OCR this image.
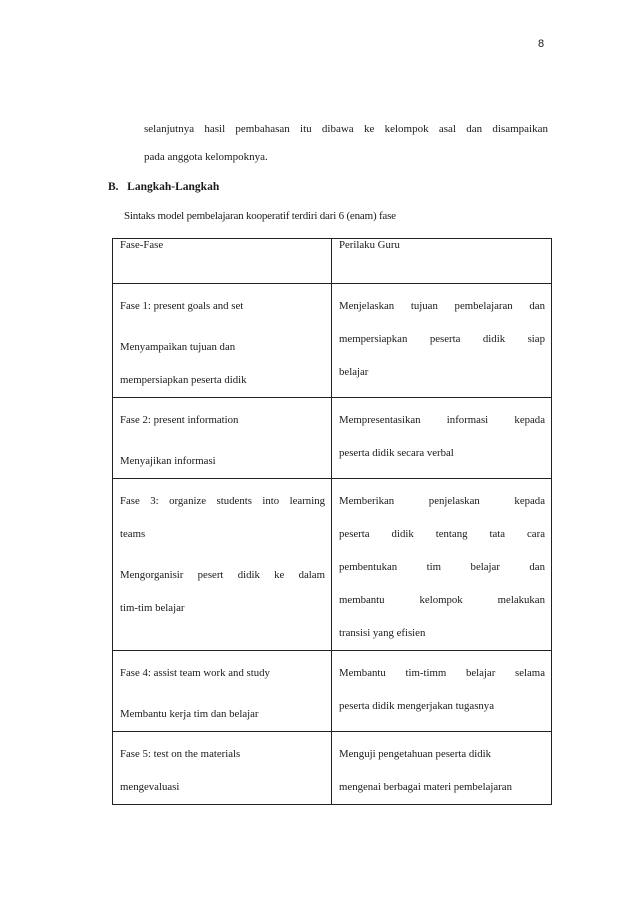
8
selanjutnya hasil pembahasan itu dibawa ke kelompok asal dan disampaikan
pada anggota kelompoknya.
B. Langkah-Langkah
Sintaks model pembelajaran kooperatif terdiri dari 6 (enam) fase
Fase-Fase	Perilaku Guru

Fase 1: present goals and set
Menyampaikan tujuan dan
mempersiapkan peserta didik	Menjelaskan tujuan pembelajaran dan
mempersiapkan peserta didik siap
belajar

Fase 2: present information
Menyajikan informasi	Mempresentasikan informasi kepada
peserta didik secara verbal

Fase 3: organize students into learning
teams
Mengorganisir pesert didik ke dalam
tim-tim belajar	Memberikan penjelaskan kepada
peserta didik tentang tata cara
pembentukan tim belajar dan
membantu kelompok melakukan
transisi yang efisien

Fase 4: assist team work and study
Membantu kerja tim dan belajar	Membantu tim-timm belajar selama
peserta didik mengerjakan tugasnya

Fase 5: test on the materials
mengevaluasi	Menguji pengetahuan peserta didik
mengenai berbagai materi pembelajaran
